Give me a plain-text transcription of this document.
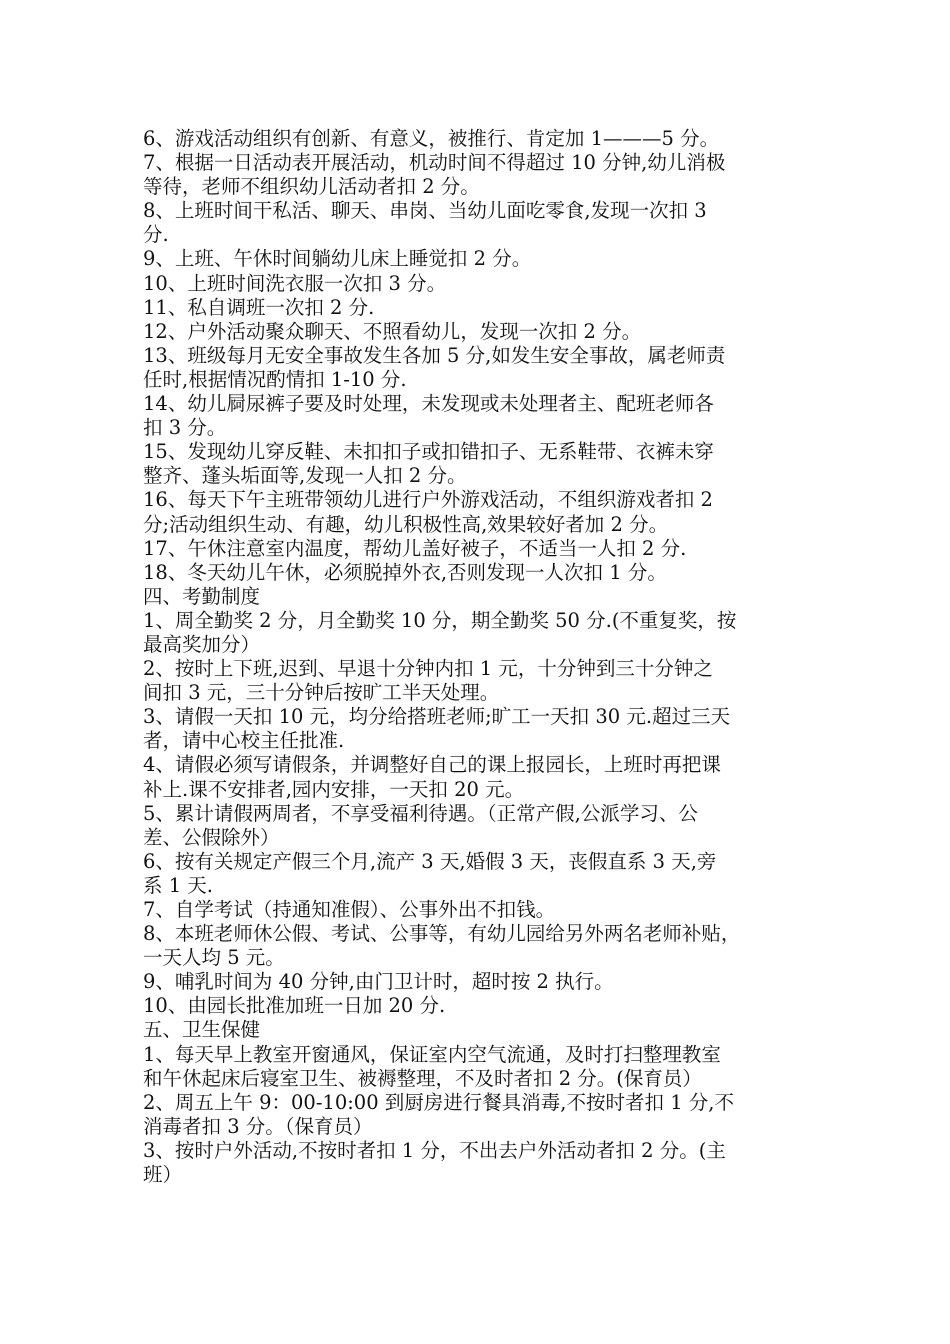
6、游戏活动组织有创新、有意义，被推行、肯定加 1———5 分。
7、根据一日活动表开展活动，机动时间不得超过 10 分钟,幼儿消极
等待，老师不组织幼儿活动者扣 2 分。
8、上班时间干私活、聊天、串岗、当幼儿面吃零食,发现一次扣 3
分.
9、上班、午休时间躺幼儿床上睡觉扣 2 分。
10、上班时间洗衣服一次扣 3 分。
11、私自调班一次扣 2 分.
12、户外活动聚众聊天、不照看幼儿，发现一次扣 2 分。
13、班级每月无安全事故发生各加 5 分,如发生安全事故，属老师责
任时,根据情况酌情扣 1-10 分.
14、幼儿屙尿裤子要及时处理，未发现或未处理者主、配班老师各
扣 3 分。
15、发现幼儿穿反鞋、未扣扣子或扣错扣子、无系鞋带、衣裤未穿
整齐、蓬头垢面等,发现一人扣 2 分。
16、每天下午主班带领幼儿进行户外游戏活动，不组织游戏者扣 2
分;活动组织生动、有趣，幼儿积极性高,效果较好者加 2 分。
17、午休注意室内温度，帮幼儿盖好被子，不适当一人扣 2 分.
18、冬天幼儿午休，必须脱掉外衣,否则发现一人次扣 1 分。
四、考勤制度
1、周全勤奖 2 分，月全勤奖 10 分，期全勤奖 50 分.(不重复奖，按
最高奖加分）
2、按时上下班,迟到、早退十分钟内扣 1 元，十分钟到三十分钟之
间扣 3 元，三十分钟后按旷工半天处理。
3、请假一天扣 10 元，均分给搭班老师;旷工一天扣 30 元.超过三天
者，请中心校主任批准.
4、请假必须写请假条，并调整好自己的课上报园长，上班时再把课
补上.课不安排者,园内安排，一天扣 20 元。
5、累计请假两周者，不享受福利待遇。（正常产假,公派学习、公
差、公假除外）
6、按有关规定产假三个月,流产 3 天,婚假 3 天，丧假直系 3 天,旁
系 1 天.
7、自学考试（持通知准假）、公事外出不扣钱。
8、本班老师休公假、考试、公事等，有幼儿园给另外两名老师补贴，
一天人均 5 元。
9、哺乳时间为 40 分钟,由门卫计时，超时按 2 执行。
10、由园长批准加班一日加 20 分.
五、卫生保健
1、每天早上教室开窗通风，保证室内空气流通，及时打扫整理教室
和午休起床后寝室卫生、被褥整理，不及时者扣 2 分。(保育员）
2、周五上午 9：00-10:00 到厨房进行餐具消毒,不按时者扣 1 分,不
消毒者扣 3 分。（保育员）
3、按时户外活动,不按时者扣 1 分，不出去户外活动者扣 2 分。(主
班）
